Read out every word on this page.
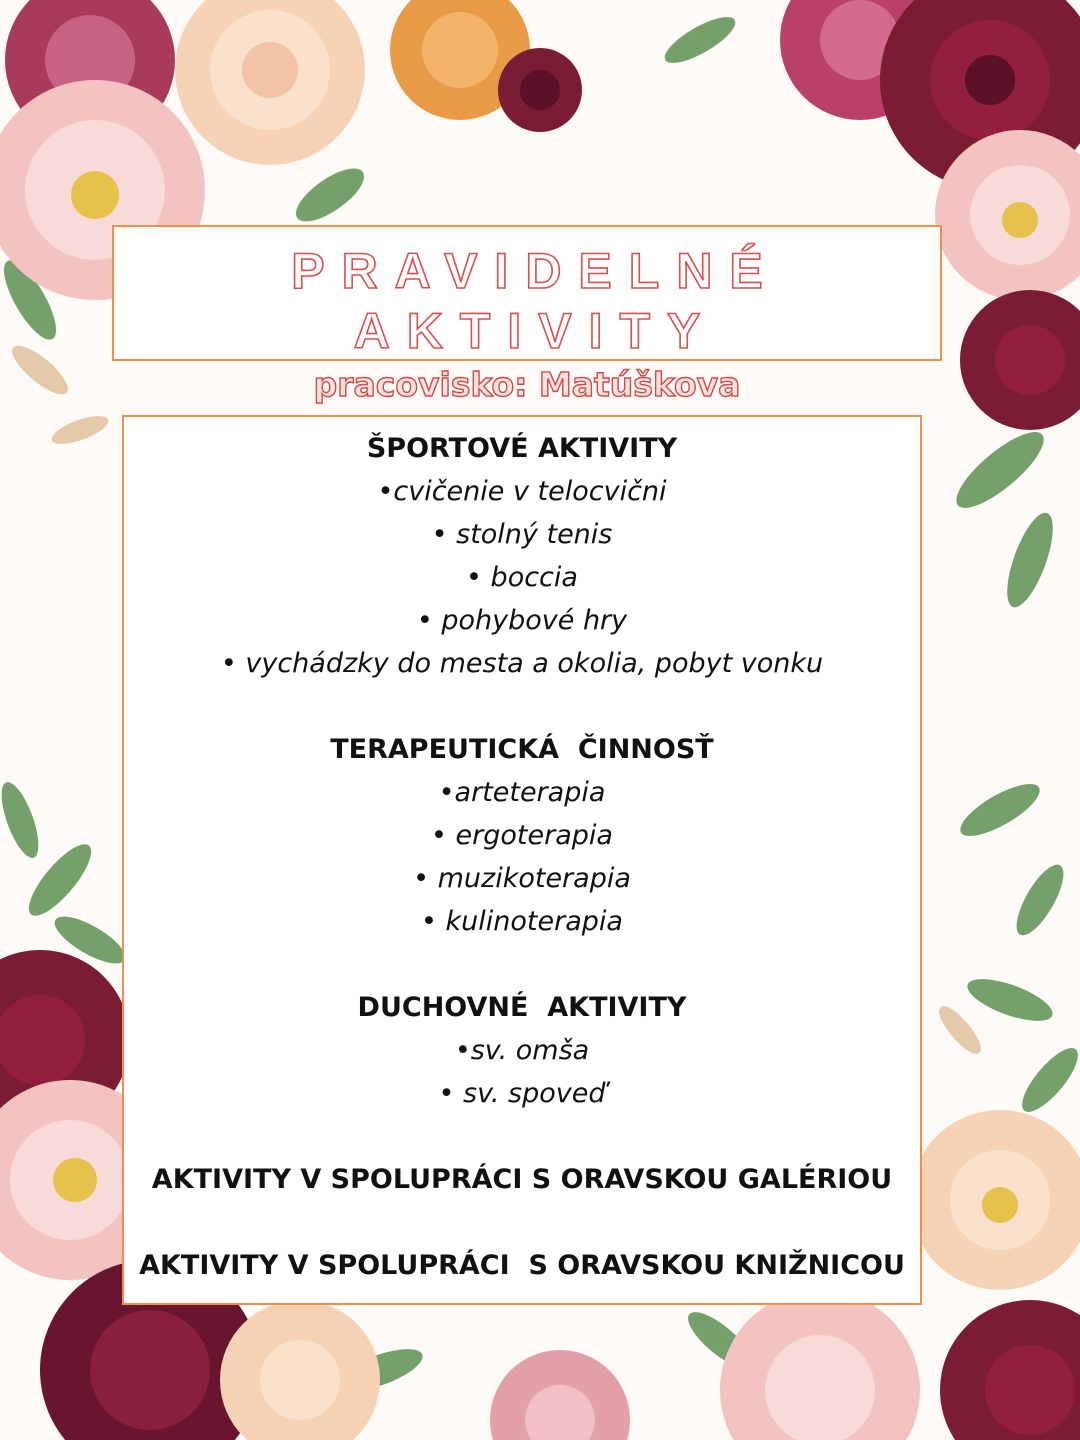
PRAVIDELNÉ AKTIVITY
pracovisko: Matúškova
ŠPORTOVÉ AKTIVITY
•cvičenie v telocvični
• stolný tenis
• boccia
• pohybové hry
• vychádzky do mesta a okolia, pobyt vonku
TERAPEUTICKÁ  ČINNOSŤ
•arteterapia
• ergoterapia
• muzikoterapia
• kulinoterapia
DUCHOVNÉ  AKTIVITY
•sv. omša
• sv. spoveď
AKTIVITY V SPOLUPRÁCI S ORAVSKOU GALÉRIOU
AKTIVITY V SPOLUPRÁCI  S ORAVSKOU KNIŽNICOU
